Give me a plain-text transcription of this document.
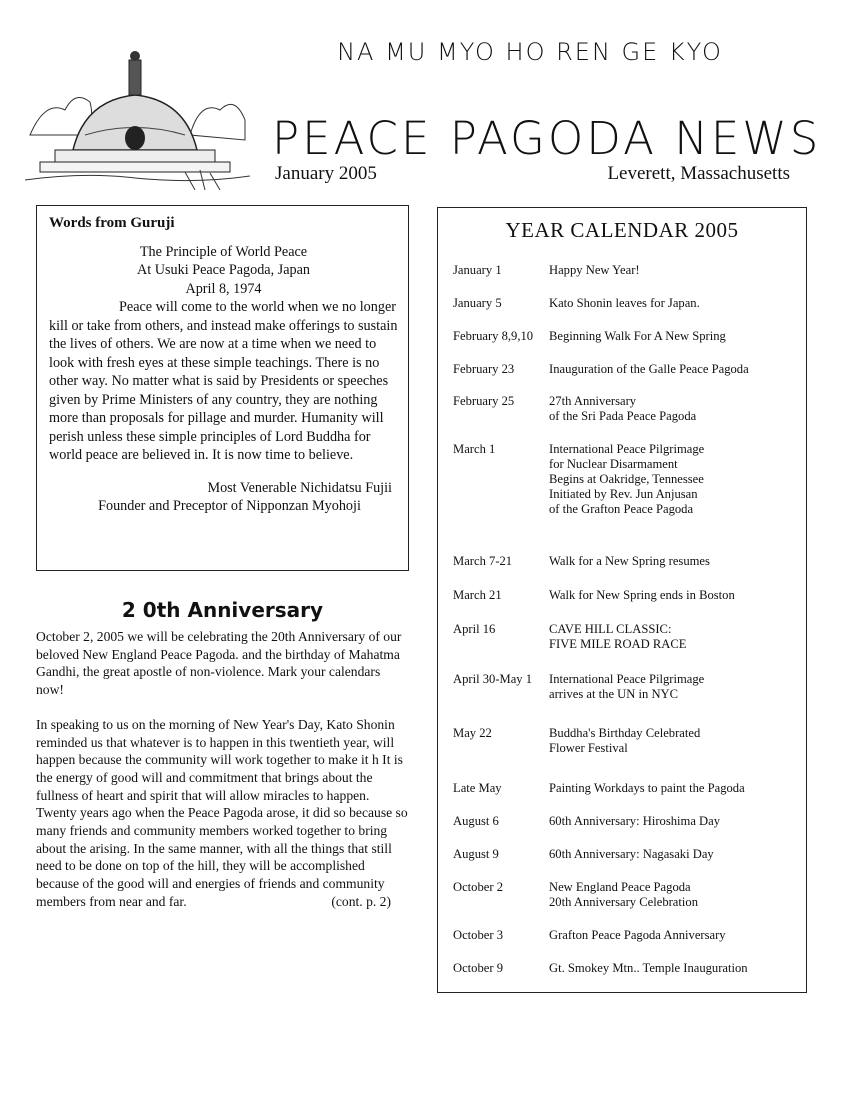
NA MU MYO HO REN GE KYO
PEACE PAGODA NEWS
January 2005	Leverett, Massachusetts
Words from Guruji
The Principle of World Peace
At Usuki Peace Pagoda, Japan
April 8, 1974
Peace will come to the world when we no longer kill or take from others, and instead make offerings to sustain the lives of others. We are now at a time when we need to look with fresh eyes at these simple teachings. There is no other way. No matter what is said by Presidents or speeches given by Prime Ministers of any country, they are nothing more than proposals for pillage and murder. Humanity will perish unless these simple principles of Lord Buddha for world peace are believed in. It is now time to believe.
Most Venerable Nichidatsu Fujii
Founder and Preceptor of Nipponzan Myohoji
2 0th Anniversary

October 2, 2005 we will be celebrating the 20th Anniversary of our beloved New England Peace Pagoda. and the birthday of Mahatma Gandhi, the great apostle of non-violence. Mark your calendars now!

In speaking to us on the morning of New Year's Day, Kato Shonin reminded us that whatever is to happen in this twentieth year, will happen because the community will work together to make it h It is the energy of good will and commitment that brings about the fullness of heart and spirit that will allow miracles to happen. Twenty years ago when the Peace Pagoda arose, it did so because so many friends and community members worked together to bring about the arising. In the same manner, with all the things that still need to be done on top of the hill, they will be accomplished because of the good will and energies of friends and community members from near and far.	(cont. p. 2)

YEAR CALENDAR 2005
January 1	Happy New Year!
January 5	Kato Shonin leaves for Japan.
February 8,9,10	Beginning Walk For A New Spring
February 23	Inauguration of the Galle Peace Pagoda
February 25	27th Anniversary
of the Sri Pada Peace Pagoda
March 1	International Peace Pilgrimage
for Nuclear Disarmament
Begins at Oakridge, Tennessee
Initiated by Rev. Jun Anjusan
of the Grafton Peace Pagoda
March 7-21	Walk for a New Spring resumes
March 21	Walk for New Spring ends in Boston
April 16	CAVE HILL CLASSIC:
FIVE MILE ROAD RACE
April 30-May 1	International Peace Pilgrimage
arrives at the UN in NYC
May 22	Buddha's Birthday Celebrated
Flower Festival
Late May	Painting Workdays to paint the Pagoda
August 6	60th Anniversary: Hiroshima Day
August 9	60th Anniversary: Nagasaki Day
October 2	New England Peace Pagoda
20th Anniversary Celebration
October 3	Grafton Peace Pagoda Anniversary
October 9	Gt. Smokey Mtn.. Temple Inauguration
